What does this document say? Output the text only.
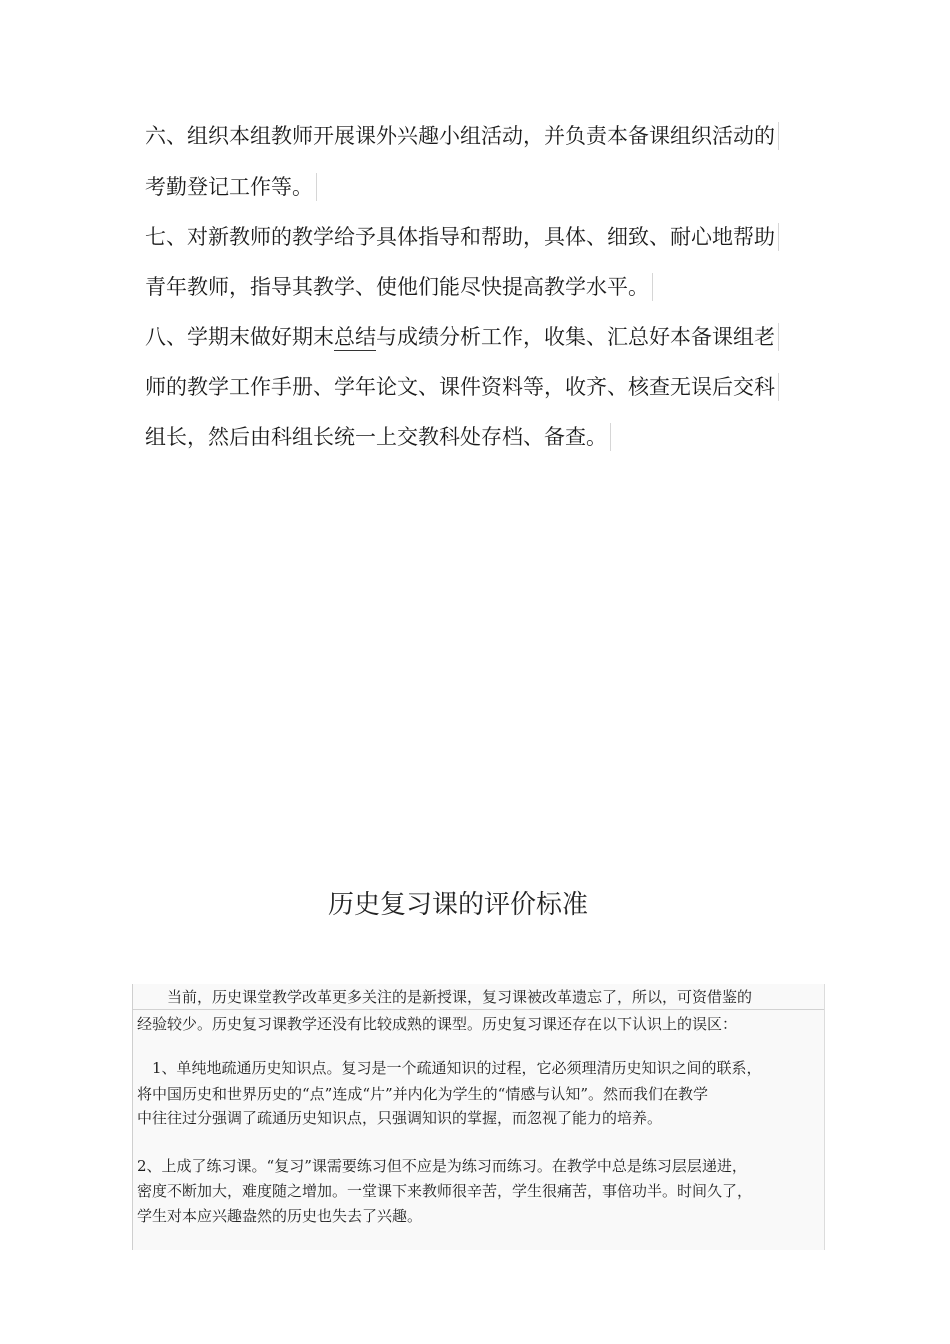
六、组织本组教师开展课外兴趣小组活动，并负责本备课组织活动的
考勤登记工作等。
七、对新教师的教学给予具体指导和帮助，具体、细致、耐心地帮助
青年教师，指导其教学、使他们能尽快提高教学水平。
八、学期末做好期末总结与成绩分析工作，收集、汇总好本备课组老
师的教学工作手册、学年论文、课件资料等，收齐、核查无误后交科
组长，然后由科组长统一上交教科处存档、备查。
历史复习课的评价标准
　　当前，历史课堂教学改革更多关注的是新授课，复习课被改革遗忘了，所以，可资借鉴的
经验较少。历史复习课教学还没有比较成熟的课型。历史复习课还存在以下认识上的误区：
　1、单纯地疏通历史知识点。复习是一个疏通知识的过程，它必须理清历史知识之间的联系，
将中国历史和世界历史的“点”连成“片”并内化为学生的“情感与认知”。然而我们在教学
中往往过分强调了疏通历史知识点，只强调知识的掌握，而忽视了能力的培养。
2、上成了练习课。“复习”课需要练习但不应是为练习而练习。在教学中总是练习层层递进，
密度不断加大，难度随之增加。一堂课下来教师很辛苦，学生很痛苦，事倍功半。时间久了，
学生对本应兴趣盎然的历史也失去了兴趣。
